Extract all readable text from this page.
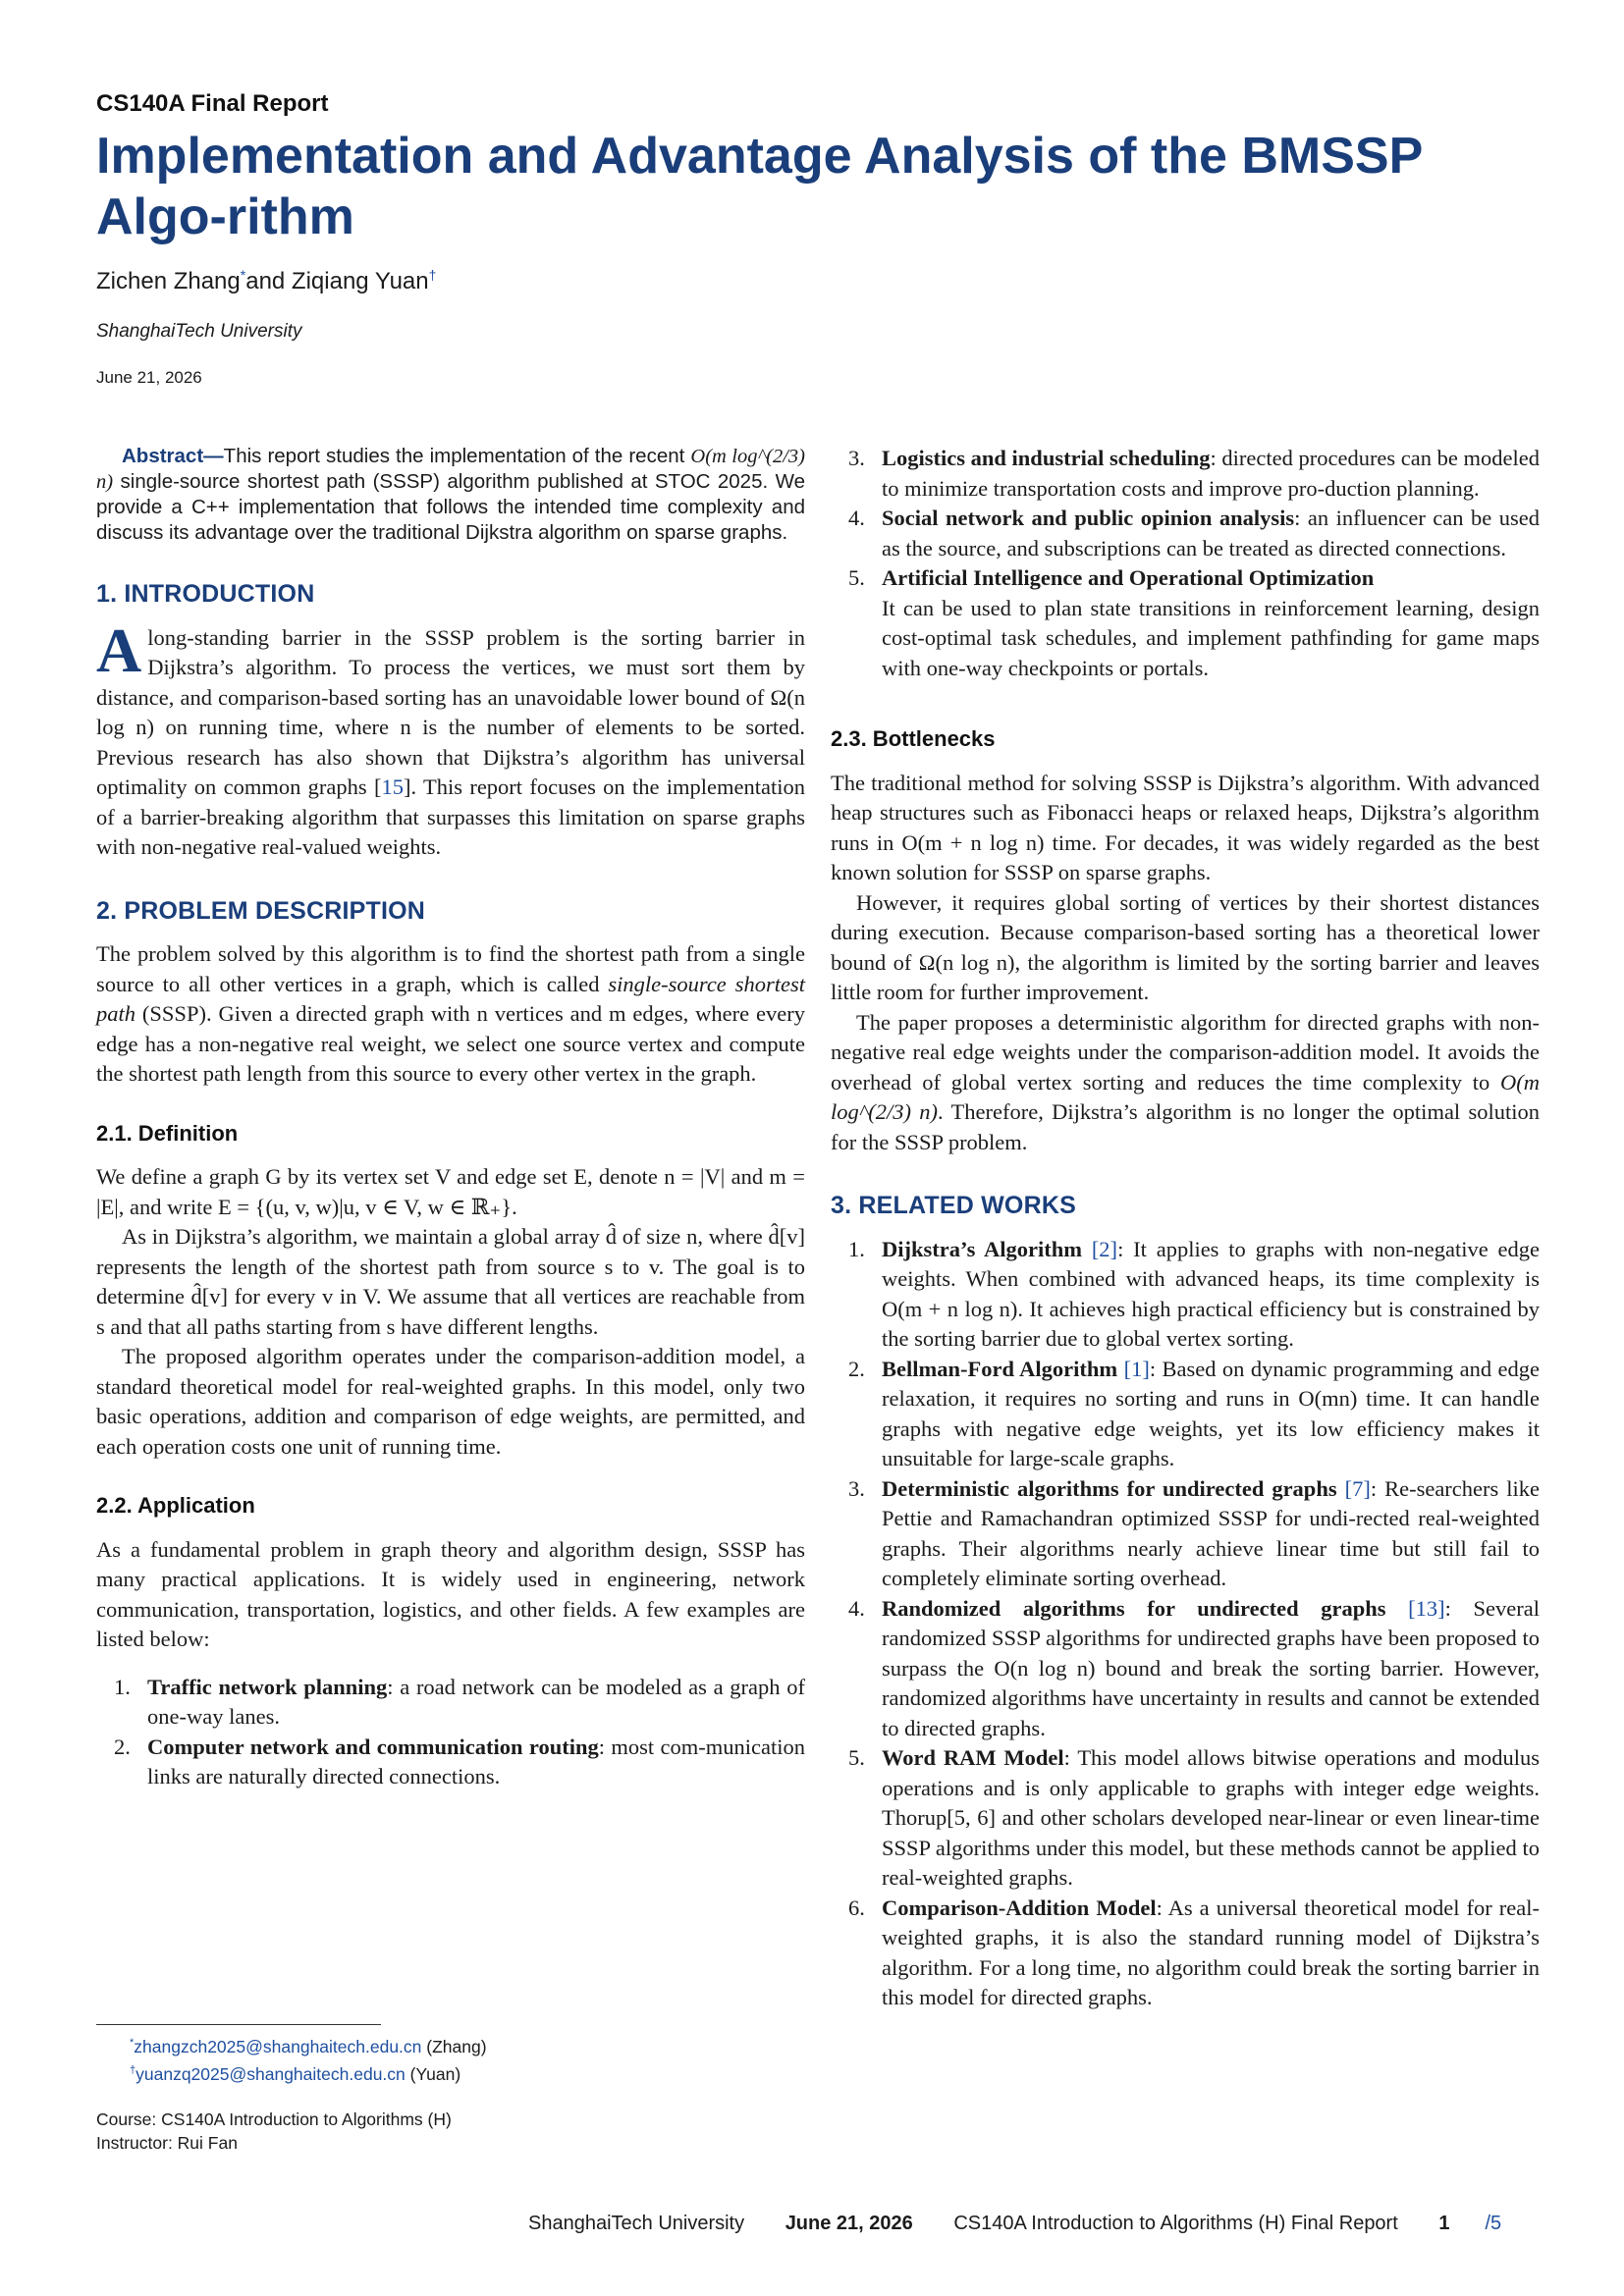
CS140A Final Report
Implementation and Advantage Analysis of the BMSSP Algo-rithm
Zichen Zhang*and Ziqiang Yuan†
ShanghaiTech University
June 21, 2026

Abstract—This report studies the implementation of the recent O(m log^(2/3) n) single-source shortest path (SSSP) algorithm published at STOC 2025. We provide a C++ implementation that follows the intended time complexity and discuss its advantage over the traditional Dijkstra algorithm on sparse graphs.

1. INTRODUCTION

Along-standing barrier in the SSSP problem is the sorting barrier in Dijkstra’s algorithm. To process the vertices, we must sort them by distance, and comparison-based sorting has an unavoidable lower bound of Ω(n log n) on running time, where n is the number of elements to be sorted. Previous research has also shown that Dijkstra’s algorithm has universal optimality on common graphs [15]. This report focuses on the implementation of a barrier-breaking algorithm that surpasses this limitation on sparse graphs with non-negative real-valued weights.

2. PROBLEM DESCRIPTION

The problem solved by this algorithm is to find the shortest path from a single source to all other vertices in a graph, which is called single-source shortest path (SSSP). Given a directed graph with n vertices and m edges, where every edge has a non-negative real weight, we select one source vertex and compute the shortest path length from this source to every other vertex in the graph.

2.1. Definition

We define a graph G by its vertex set V and edge set E, denote n = |V| and m = |E|, and write E = {(u, v, w)|u, v ∈ V, w ∈ ℝ₊}.

As in Dijkstra’s algorithm, we maintain a global array d̂ of size n, where d̂[v] represents the length of the shortest path from source s to v. The goal is to determine d̂[v] for every v in V. We assume that all vertices are reachable from s and that all paths starting from s have different lengths.

The proposed algorithm operates under the comparison-addition model, a standard theoretical model for real-weighted graphs. In this model, only two basic operations, addition and comparison of edge weights, are permitted, and each operation costs one unit of running time.

2.2. Application

As a fundamental problem in graph theory and algorithm design, SSSP has many practical applications. It is widely used in engineering, network communication, transportation, logistics, and other fields. A few examples are listed below:

1. Traffic network planning: a road network can be modeled as a graph of one-way lanes.
2. Computer network and communication routing: most com-munication links are naturally directed connections.
3. Logistics and industrial scheduling: directed procedures can be modeled to minimize transportation costs and improve pro-duction planning.
4. Social network and public opinion analysis: an influencer can be used as the source, and subscriptions can be treated as directed connections.
5. Artificial Intelligence and Operational Optimization
It can be used to plan state transitions in reinforcement learning, design cost-optimal task schedules, and implement pathfinding for game maps with one-way checkpoints or portals.
2.3. Bottlenecks

The traditional method for solving SSSP is Dijkstra’s algorithm. With advanced heap structures such as Fibonacci heaps or relaxed heaps, Dijkstra’s algorithm runs in O(m + n log n) time. For decades, it was widely regarded as the best known solution for SSSP on sparse graphs.

However, it requires global sorting of vertices by their shortest distances during execution. Because comparison-based sorting has a theoretical lower bound of Ω(n log n), the algorithm is limited by the sorting barrier and leaves little room for further improvement.

The paper proposes a deterministic algorithm for directed graphs with non-negative real edge weights under the comparison-addition model. It avoids the overhead of global vertex sorting and reduces the time complexity to O(m log^(2/3) n). Therefore, Dijkstra’s algorithm is no longer the optimal solution for the SSSP problem.

3. RELATED WORKS
1. Dijkstra’s Algorithm [2]: It applies to graphs with non-negative edge weights. When combined with advanced heaps, its time complexity is O(m + n log n). It achieves high practical efficiency but is constrained by the sorting barrier due to global vertex sorting.
2. Bellman-Ford Algorithm [1]: Based on dynamic programming and edge relaxation, it requires no sorting and runs in O(mn) time. It can handle graphs with negative edge weights, yet its low efficiency makes it unsuitable for large-scale graphs.
3. Deterministic algorithms for undirected graphs [7]: Re-searchers like Pettie and Ramachandran optimized SSSP for undi-rected real-weighted graphs. Their algorithms nearly achieve linear time but still fail to completely eliminate sorting overhead.
4. Randomized algorithms for undirected graphs [13]: Several randomized SSSP algorithms for undirected graphs have been proposed to surpass the O(n log n) bound and break the sorting barrier. However, randomized algorithms have uncertainty in results and cannot be extended to directed graphs.
5. Word RAM Model: This model allows bitwise operations and modulus operations and is only applicable to graphs with integer edge weights. Thorup[5, 6] and other scholars developed near-linear or even linear-time SSSP algorithms under this model, but these methods cannot be applied to real-weighted graphs.
6. Comparison-Addition Model: As a universal theoretical model for real-weighted graphs, it is also the standard running model of Dijkstra’s algorithm. For a long time, no algorithm could break the sorting barrier in this model for directed graphs.
*zhangzch2025@shanghaitech.edu.cn (Zhang)
†yuanzq2025@shanghaitech.edu.cn (Yuan)
Course: CS140A Introduction to Algorithms (H)
Instructor: Rui Fan
ShanghaiTech University June 21, 2026 CS140A Introduction to Algorithms (H) Final Report 1 /5
